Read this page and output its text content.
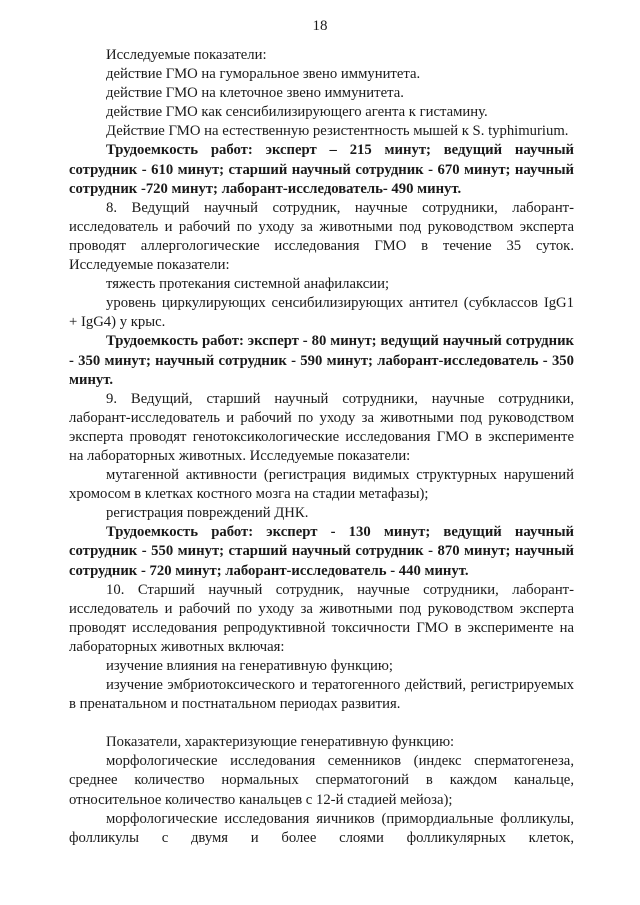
18

Исследуемые показатели:

действие ГМО на гуморальное звено иммунитета.

действие ГМО на клеточное звено иммунитета.

действие ГМО как сенсибилизирующего агента к гистамину.

Действие ГМО на естественную резистентность мышей к S. typhimurium.

Трудоемкость работ: эксперт – 215 минут; ведущий научный сотрудник - 610 минут; старший научный сотрудник - 670 минут; научный сотрудник -720 минут; лаборант-исследователь- 490 минут.

8. Ведущий научный сотрудник, научные сотрудники, лаборант-исследователь и рабочий по уходу за животными под руководством эксперта проводят аллергологические исследования ГМО в течение 35 суток. Исследуемые показатели:

тяжесть протекания системной анафилаксии;

уровень циркулирующих сенсибилизирующих антител (субклассов IgG1 + IgG4) у крыс.

Трудоемкость работ: эксперт - 80 минут; ведущий научный сотрудник - 350 минут; научный сотрудник - 590 минут; лаборант-исследователь - 350 минут.

9. Ведущий, старший научный сотрудники, научные сотрудники, лаборант-исследователь и рабочий по уходу за животными под руководством эксперта проводят генотоксикологические исследования ГМО в эксперименте на лабораторных животных. Исследуемые показатели:

мутагенной активности (регистрация видимых структурных нарушений хромосом в клетках костного мозга на стадии метафазы);

регистрация повреждений ДНК.

Трудоемкость работ: эксперт - 130 минут; ведущий научный сотрудник - 550 минут; старший научный сотрудник - 870 минут; научный сотрудник - 720 минут; лаборант-исследователь - 440 минут.

10. Старший научный сотрудник, научные сотрудники, лаборант-исследователь и рабочий по уходу за животными под руководством эксперта проводят исследования репродуктивной токсичности ГМО в эксперименте на лабораторных животных включая:

изучение влияния на генеративную функцию;

изучение эмбриотоксического и тератогенного действий, регистрируемых в пренатальном и постнатальном периодах развития.

Показатели, характеризующие генеративную функцию:

морфологические исследования семенников (индекс сперматогенеза, среднее количество нормальных сперматогоний в каждом канальце, относительное количество канальцев с 12-й стадией мейоза);

морфологические исследования яичников (примордиальные фолликулы, фолликулы с двумя и более слоями фолликулярных клеток,
